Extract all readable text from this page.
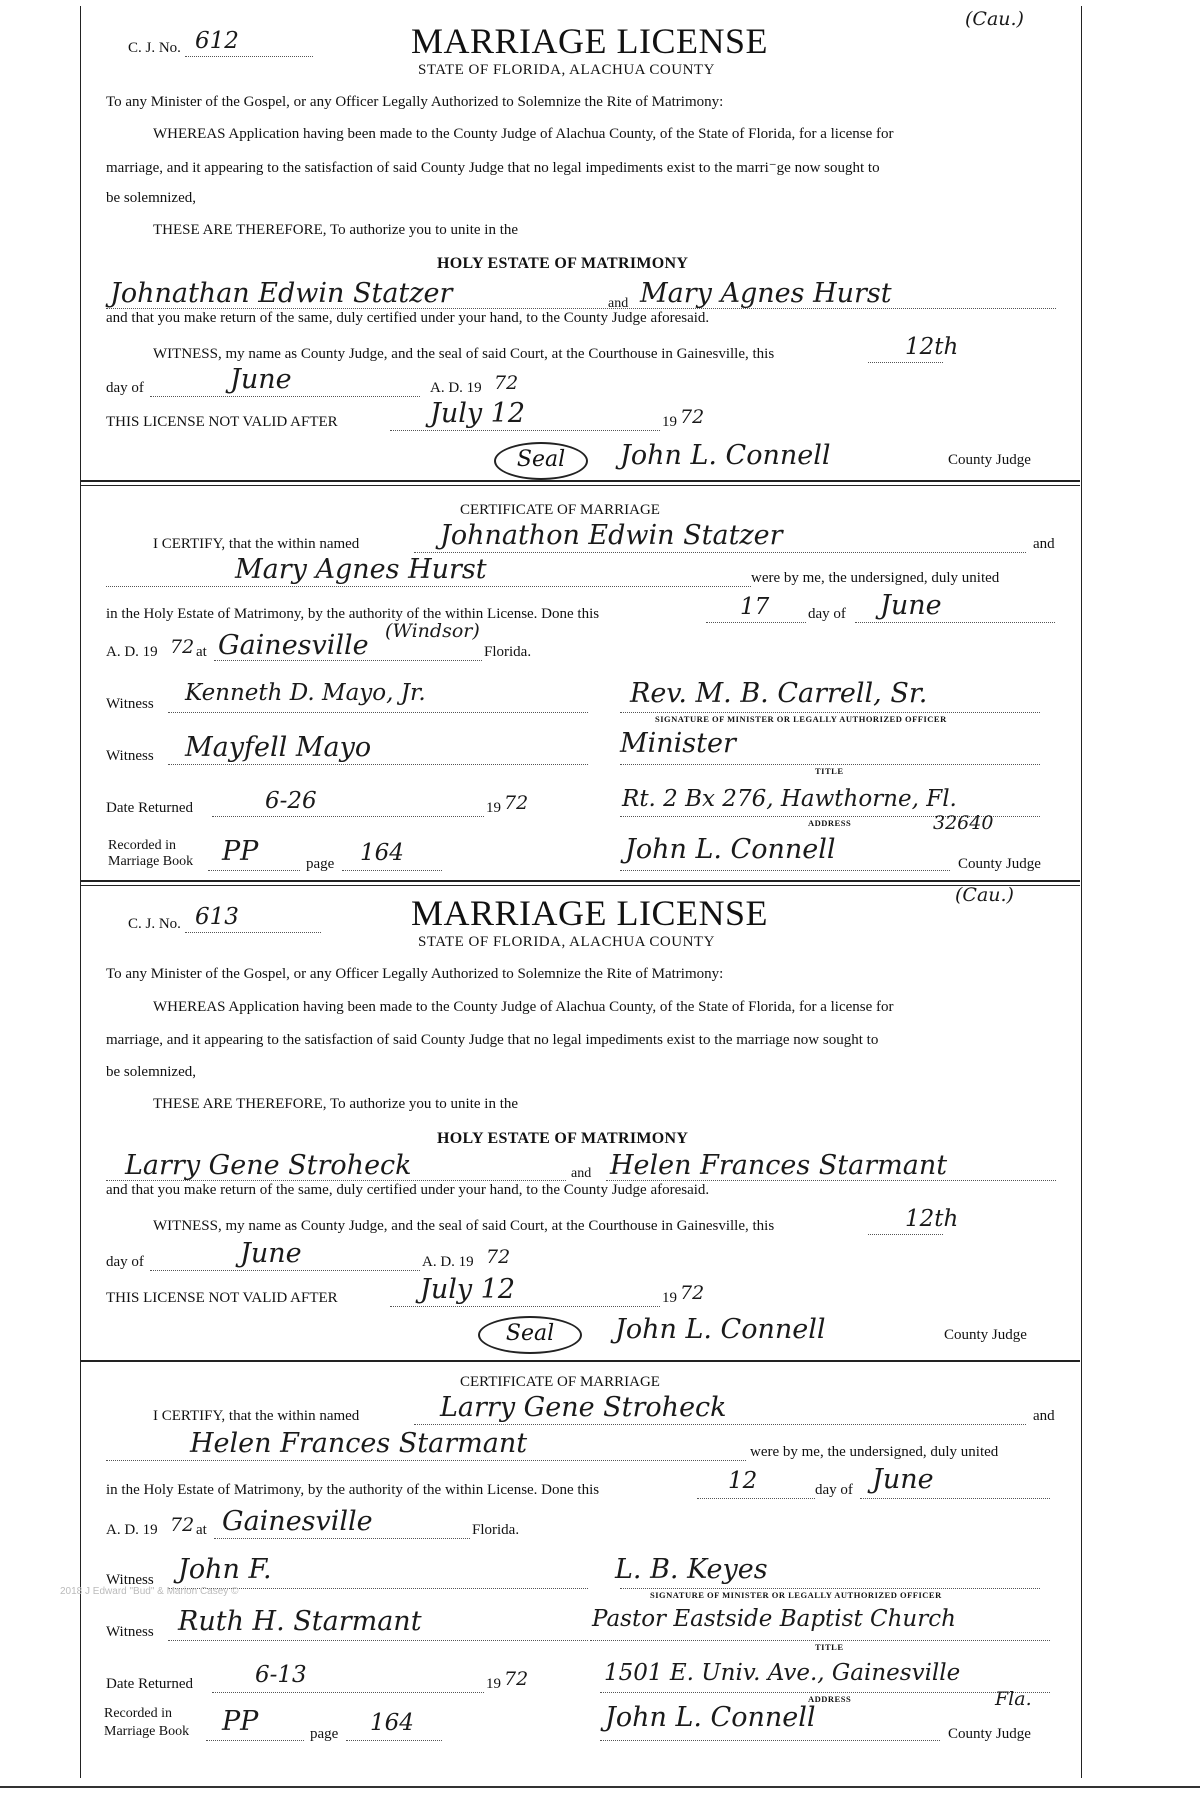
C. J. No. 612
(Cau.)
MARRIAGE LICENSE
STATE OF FLORIDA, ALACHUA COUNTY
To any Minister of the Gospel, or any Officer Legally Authorized to Solemnize the Rite of Matrimony:
WHEREAS Application having been made to the County Judge of Alachua County, of the State of Florida, for a license for
marriage, and it appearing to the satisfaction of said County Judge that no legal impediments exist to the marri⁻ge now sought to
be solemnized,
THESE ARE THEREFORE, To authorize you to unite in the
HOLY ESTATE OF MATRIMONY
Johnathan Edwin Statzer	and Mary Agnes Hurst
and that you make return of the same, duly certified under your hand, to the County Judge aforesaid.
WITNESS, my name as County Judge, and the seal of said Court, at the Courthouse in Gainesville, this	12th
day of	June	A. D. 19 72
THIS LICENSE NOT VALID AFTER	July 12	19 72
Seal	John L. Connell	County Judge
CERTIFICATE OF MARRIAGE
I CERTIFY, that the within named	Johnathon Edwin Statzer	and
Mary Agnes Hurst	were by me, the undersigned, duly united
in the Holy Estate of Matrimony, by the authority of the within License. Done this	17	day of June
A. D. 19 72 at Gainesville (Windsor)
Florida.
Witness Kenneth D. Mayo, Jr.	Rev. M. B. Carrell, Sr.
SIGNATURE OF MINISTER OR LEGALLY AUTHORIZED OFFICER
Witness Mayfell Mayo	Minister
TITLE
Date Returned	6-26	19 72	Rt. 2 Bx 276, Hawthorne, Fl.
ADDRESS	32640
Recorded in
Marriage Book PP	page 164	John L. Connell	County Judge
C. J. No. 613
(Cau.)
MARRIAGE LICENSE
STATE OF FLORIDA, ALACHUA COUNTY
To any Minister of the Gospel, or any Officer Legally Authorized to Solemnize the Rite of Matrimony:
WHEREAS Application having been made to the County Judge of Alachua County, of the State of Florida, for a license for
marriage, and it appearing to the satisfaction of said County Judge that no legal impediments exist to the marriage now sought to
be solemnized,
THESE ARE THEREFORE, To authorize you to unite in the
HOLY ESTATE OF MATRIMONY
Larry Gene Stroheck	and Helen Frances Starmant
and that you make return of the same, duly certified under your hand, to the County Judge aforesaid.
WITNESS, my name as County Judge, and the seal of said Court, at the Courthouse in Gainesville, this	12th
day of	June	A. D. 19 72
THIS LICENSE NOT VALID AFTER	July 12	19 72
Seal	John L. Connell	County Judge
CERTIFICATE OF MARRIAGE
I CERTIFY, that the within named	Larry Gene Stroheck	and
Helen Frances Starmant	were by me, the undersigned, duly united
in the Holy Estate of Matrimony, by the authority of the within License. Done this	12	day of June
A. D. 19 72 at Gainesville	Florida.
Witness John F.	L. B. Keyes
SIGNATURE OF MINISTER OR LEGALLY AUTHORIZED OFFICER
Witness Ruth H. Starmant	Pastor Eastside Baptist Church
TITLE
Date Returned	6-13	19 72	1501 E. Univ. Ave., Gainesville
ADDRESS	Fla.
Recorded in
Marriage Book PP	page 164	John L. Connell
County Judge
2018 J Edward "Bud" & Marion Casey ©
